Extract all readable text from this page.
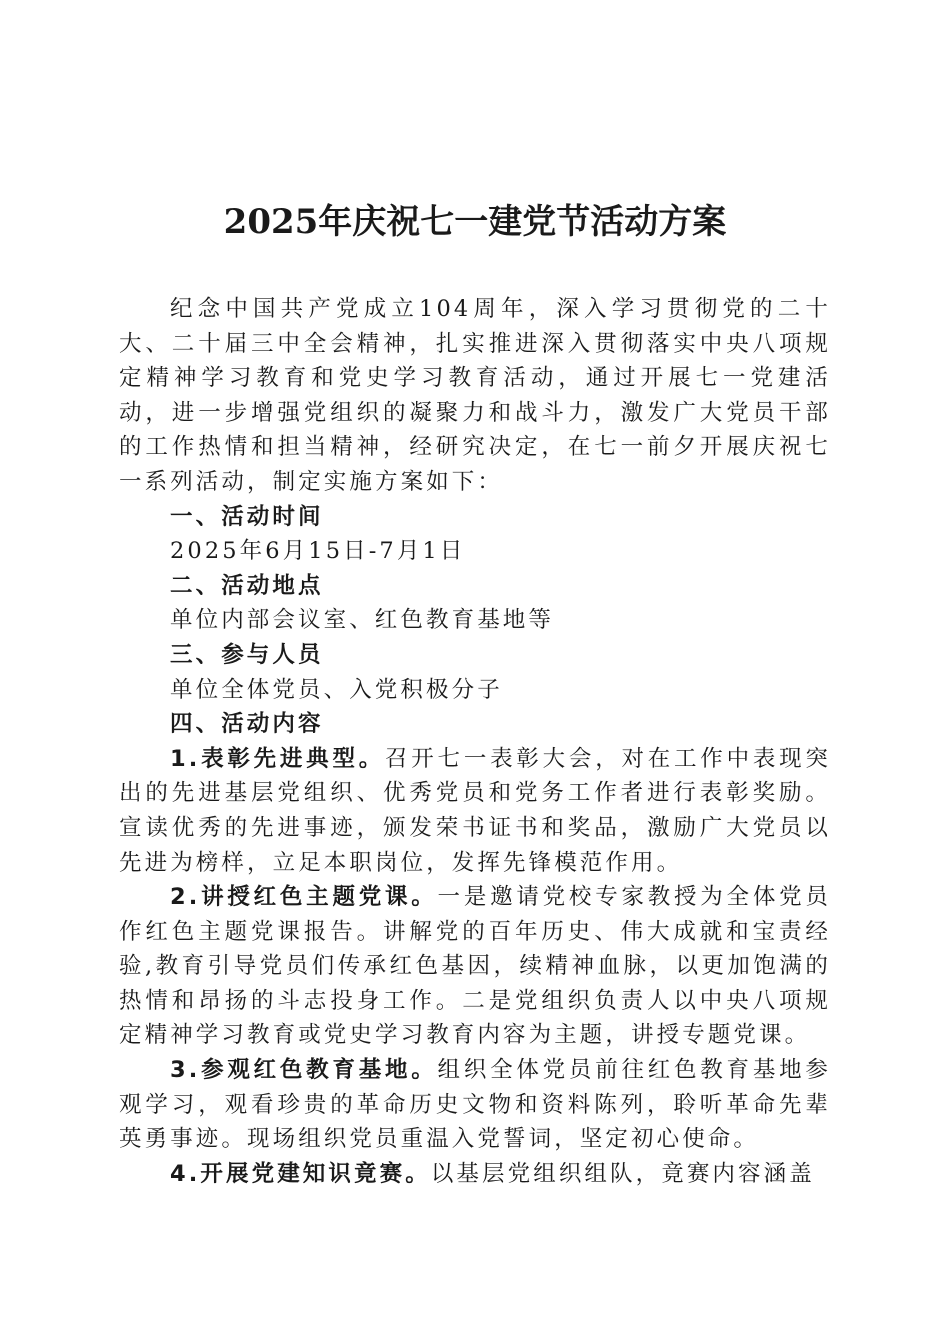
2025年庆祝七一建党节活动方案

纪念中国共产党成立104周年，深入学习贯彻党的二十大、二十届三中全会精神，扎实推进深入贯彻落实中央八项规定精神学习教育和党史学习教育活动，通过开展七一党建活动，进一步增强党组织的凝聚力和战斗力，激发广大党员干部的工作热情和担当精神，经研究决定，在七一前夕开展庆祝七一系列活动，制定实施方案如下：

一、活动时间

2025年6月15日-7月1日

二、活动地点

单位内部会议室、红色教育基地等

三、参与人员

单位全体党员、入党积极分子

四、活动内容

1.表彰先进典型。召开七一表彰大会，对在工作中表现突出的先进基层党组织、优秀党员和党务工作者进行表彰奖励。宣读优秀的先进事迹，颁发荣书证书和奖品，激励广大党员以先进为榜样，立足本职岗位，发挥先锋模范作用。

2.讲授红色主题党课。一是邀请党校专家教授为全体党员作红色主题党课报告。讲解党的百年历史、伟大成就和宝责经验,教育引导党员们传承红色基因，续精神血脉，以更加饱满的热情和昂扬的斗志投身工作。二是党组织负责人以中央八项规定精神学习教育或党史学习教育内容为主题，讲授专题党课。

3.参观红色教育基地。组织全体党员前往红色教育基地参观学习，观看珍贵的革命历史文物和资料陈列，聆听革命先辈英勇事迹。现场组织党员重温入党誓词，坚定初心使命。

4.开展党建知识竟赛。以基层党组织组队，竟赛内容涵盖
